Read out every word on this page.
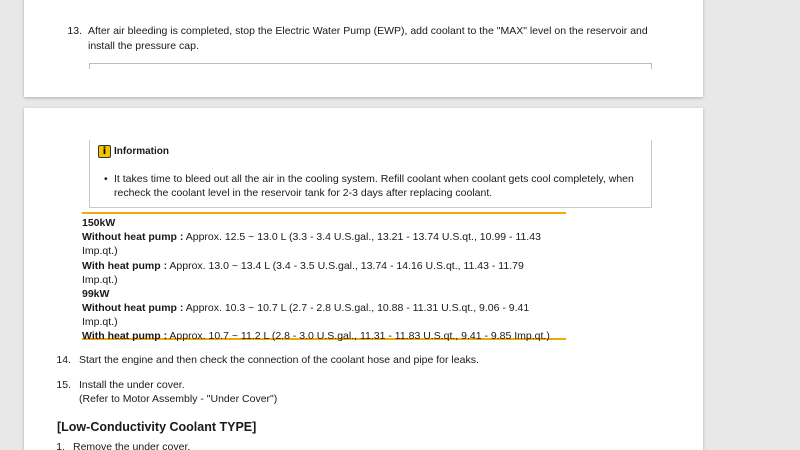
13. After air bleeding is completed, stop the Electric Water Pump (EWP), add coolant to the "MAX" level on the reservoir and
install the pressure cap.
i Information
• It takes time to bleed out all the air in the cooling system. Refill coolant when coolant gets cool completely, when
recheck the coolant level in the reservoir tank for 2-3 days after replacing coolant.
150kW
Without heat pump : Approx. 12.5 ~ 13.0 L (3.3 - 3.4 U.S.gal., 13.21 - 13.74 U.S.qt., 10.99 - 11.43
Imp.qt.)
With heat pump : Approx. 13.0 ~ 13.4 L (3.4 - 3.5 U.S.gal., 13.74 - 14.16 U.S.qt., 11.43 - 11.79
Imp.qt.)
99kW
Without heat pump : Approx. 10.3 ~ 10.7 L (2.7 - 2.8 U.S.gal., 10.88 - 11.31 U.S.qt., 9.06 - 9.41
Imp.qt.)
With heat pump : Approx. 10.7 ~ 11.2 L (2.8 - 3.0 U.S.gal., 11.31 - 11.83 U.S.qt., 9.41 - 9.85 Imp.qt.)
14. Start the engine and then check the connection of the coolant hose and pipe for leaks.
15. Install the under cover.
(Refer to Motor Assembly - "Under Cover")
[Low-Conductivity Coolant TYPE]
1. Remove the under cover.
